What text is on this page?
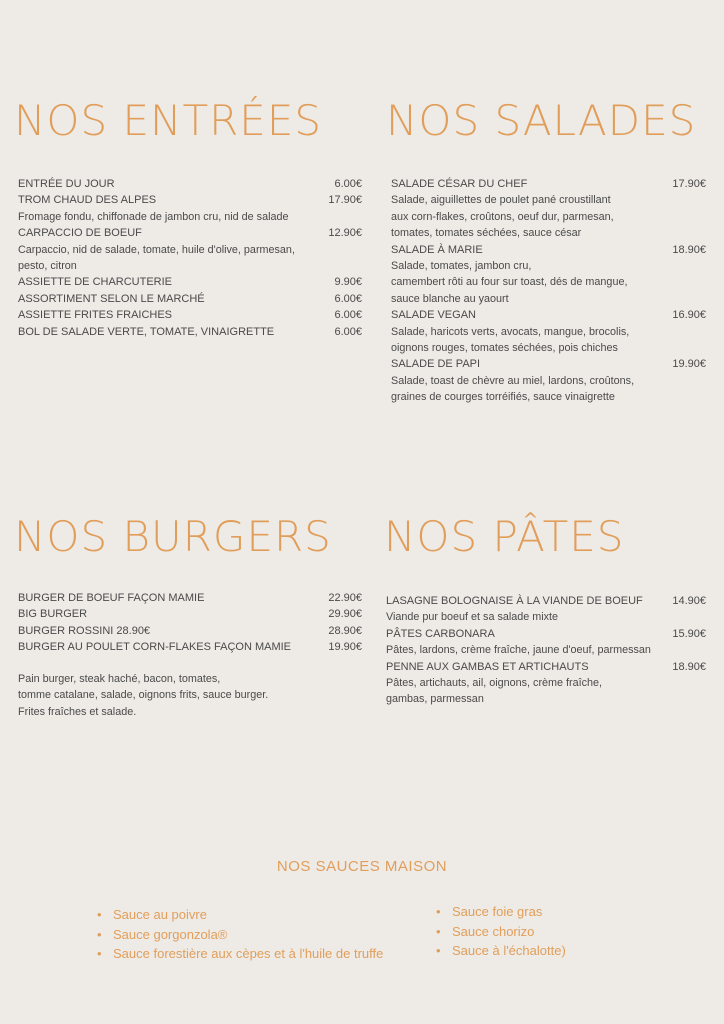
NOS ENTRÉES
ENTRÉE DU JOUR	6.00€
TROM CHAUD DES ALPES	17.90€
Fromage fondu, chiffonade de jambon cru, nid de salade
CARPACCIO DE BOEUF	12.90€
Carpaccio, nid de salade, tomate, huile d'olive, parmesan,
pesto, citron
ASSIETTE DE CHARCUTERIE	9.90€
ASSORTIMENT SELON LE MARCHÉ	6.00€
ASSIETTE FRITES FRAICHES	6.00€
BOL DE SALADE VERTE, TOMATE, VINAIGRETTE	6.00€
NOS SALADES
SALADE CÉSAR DU CHEF	17.90€
Salade, aiguillettes de poulet pané croustillant
aux corn-flakes, croûtons, oeuf dur, parmesan,
tomates, tomates séchées, sauce césar
SALADE À MARIE	18.90€
Salade, tomates, jambon cru,
camembert rôti au four sur toast, dés de mangue,
sauce blanche au yaourt
SALADE VEGAN	16.90€
Salade, haricots verts, avocats, mangue, brocolis,
oignons rouges, tomates séchées, pois chiches
SALADE DE PAPI	19.90€
Salade, toast de chèvre au miel, lardons, croûtons,
graines de courges torréifiés, sauce vinaigrette
NOS BURGERS
BURGER DE BOEUF FAÇON MAMIE	22.90€
BIG BURGER	29.90€
BURGER ROSSINI 28.90€	28.90€
BURGER AU POULET CORN-FLAKES FAÇON MAMIE	19.90€
Pain burger, steak haché, bacon, tomates,
tomme catalane, salade, oignons frits, sauce burger.
Frites fraîches et salade.
NOS PÂTES
LASAGNE BOLOGNAISE À LA VIANDE DE BOEUF	14.90€
Viande pur boeuf et sa salade mixte
PÂTES CARBONARA	15.90€
Pâtes, lardons, crème fraîche, jaune d'oeuf, parmessan
PENNE AUX GAMBAS ET ARTICHAUTS	18.90€
Pâtes, artichauts, ail, oignons, crème fraîche,
gambas, parmessan
NOS SAUCES MAISON
• Sauce au poivre
• Sauce gorgonzola®
• Sauce forestière aux cèpes et à l'huile de truffe
• Sauce foie gras
• Sauce chorizo
• Sauce à l'échalotte)
